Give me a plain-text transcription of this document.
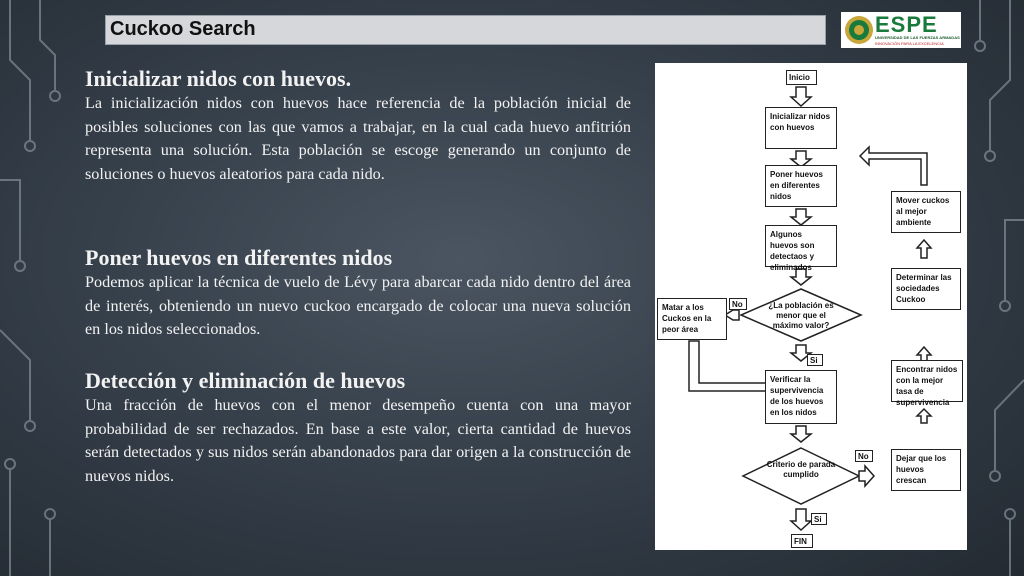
Cuckoo Search	ESPE
UNIVERSIDAD DE LAS FUERZAS ARMADAS
INNOVACIÓN PARA LA EXCELENCIA
Inicializar nidos con huevos.

La inicialización nidos con huevos hace referencia de la población inicial de posibles soluciones con las que vamos a trabajar, en la cual cada huevo anfitrión representa una solución. Esta población se escoge generando un conjunto de soluciones o huevos aleatorios para cada nido.

Poner huevos en diferentes nidos

Podemos aplicar la técnica de vuelo de Lévy para abarcar cada nido dentro del área de interés, obteniendo un nuevo cuckoo encargado de colocar una nueva solución en los nidos seleccionados.

Detección y eliminación de huevos

Una fracción de huevos con el menor desempeño cuenta con una mayor probabilidad de ser rechazados. En base a este valor, cierta cantidad de huevos serán detectados y sus nidos serán abandonados para dar origen a la construcción de nuevos nidos.

Inicio
Inicializar nidos con huevos
Poner huevos en diferentes nidos
Algunos huevos son detectaos y eliminados
¿La población es menor que el máximo valor?
Matar a los Cuckos en la peor área
Verificar la supervivencia de los huevos en los nidos
Criterio de parada cumplido
FIN
Mover cuckos al mejor ambiente
Determinar las sociedades Cuckoo
Encontrar nidos con la mejor tasa de supervivencia
Dejar que los huevos crescan
No
Si
No
Si
